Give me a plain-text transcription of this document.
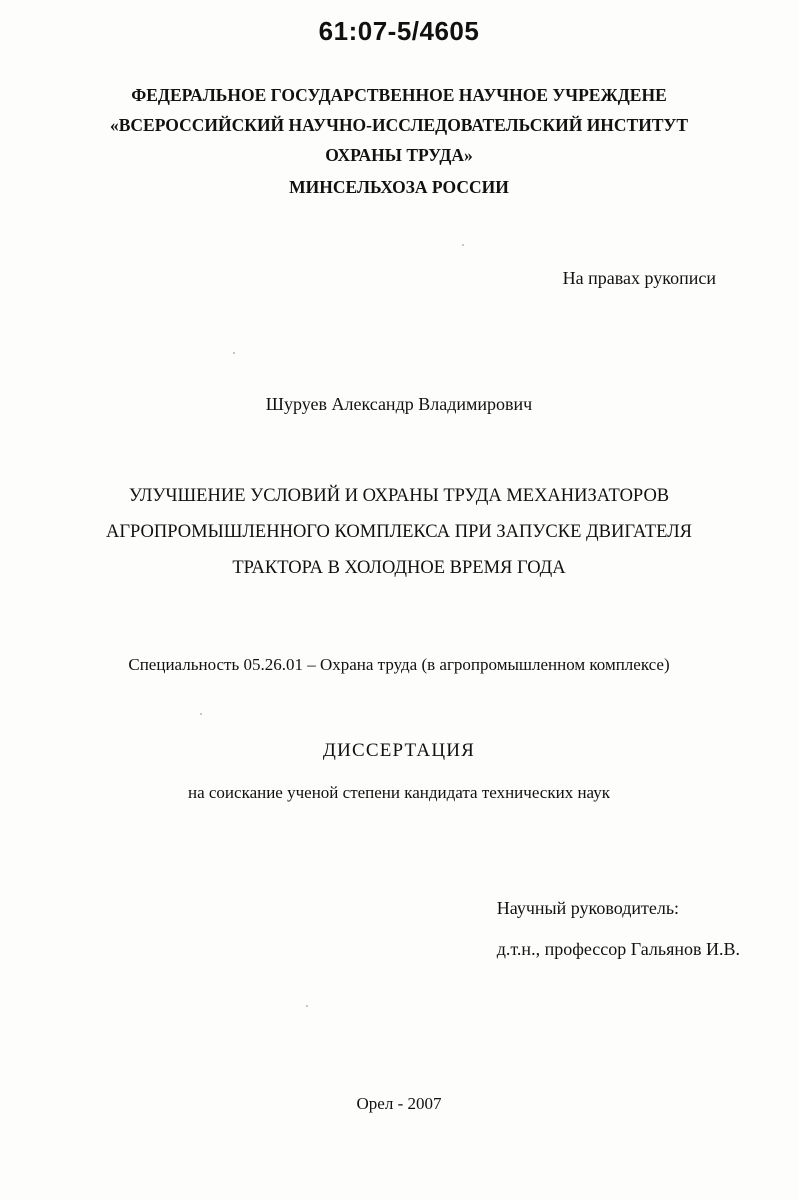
61:07-5/4605
ФЕДЕРАЛЬНОЕ ГОСУДАРСТВЕННОЕ НАУЧНОЕ УЧРЕЖДЕНЕ
«ВСЕРОССИЙСКИЙ НАУЧНО-ИССЛЕДОВАТЕЛЬСКИЙ ИНСТИТУТ
ОХРАНЫ ТРУДА»
МИНСЕЛЬХОЗА РОССИИ
На правах рукописи
Шуруев Александр Владимирович
УЛУЧШЕНИЕ УСЛОВИЙ И ОХРАНЫ ТРУДА МЕХАНИЗАТОРОВ
АГРОПРОМЫШЛЕННОГО КОМПЛЕКСА ПРИ ЗАПУСКЕ ДВИГАТЕЛЯ
ТРАКТОРА В ХОЛОДНОЕ ВРЕМЯ ГОДА
Специальность 05.26.01 – Охрана труда (в агропромышленном комплексе)
ДИССЕРТАЦИЯ
на соискание ученой степени кандидата технических наук
Научный руководитель:
д.т.н., профессор Гальянов И.В.
Орел - 2007
